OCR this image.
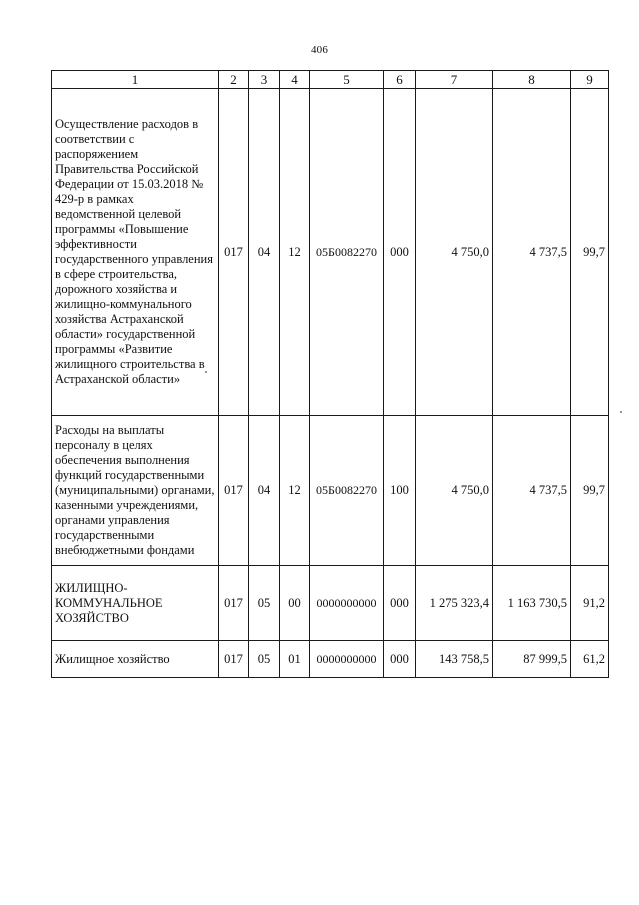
406
1	2	3	4	5	6	7	8	9
Осуществление расходов в соответствии с распоряжением Правительства Российской Федерации от 15.03.2018 № 429-р в рамках ведомственной целевой программы «Повышение эффективности государственного управления в сфере строительства, дорожного хозяйства и жилищно-коммунального хозяйства Астраханской области» государственной программы «Развитие жилищного строительства в Астраханской области»	017	04	12	05Б0082270	000	4 750,0	4 737,5	99,7
Расходы на выплаты персоналу в целях обеспечения выполнения функций государственными (муниципальными) органами, казенными учреждениями, органами управления государственными внебюджетными фондами	017	04	12	05Б0082270	100	4 750,0	4 737,5	99,7
ЖИЛИЩНО-КОММУНАЛЬНОЕ ХОЗЯЙСТВО	017	05	00	0000000000	000	1 275 323,4	1 163 730,5	91,2
Жилищное хозяйство	017	05	01	0000000000	000	143 758,5	87 999,5	61,2
